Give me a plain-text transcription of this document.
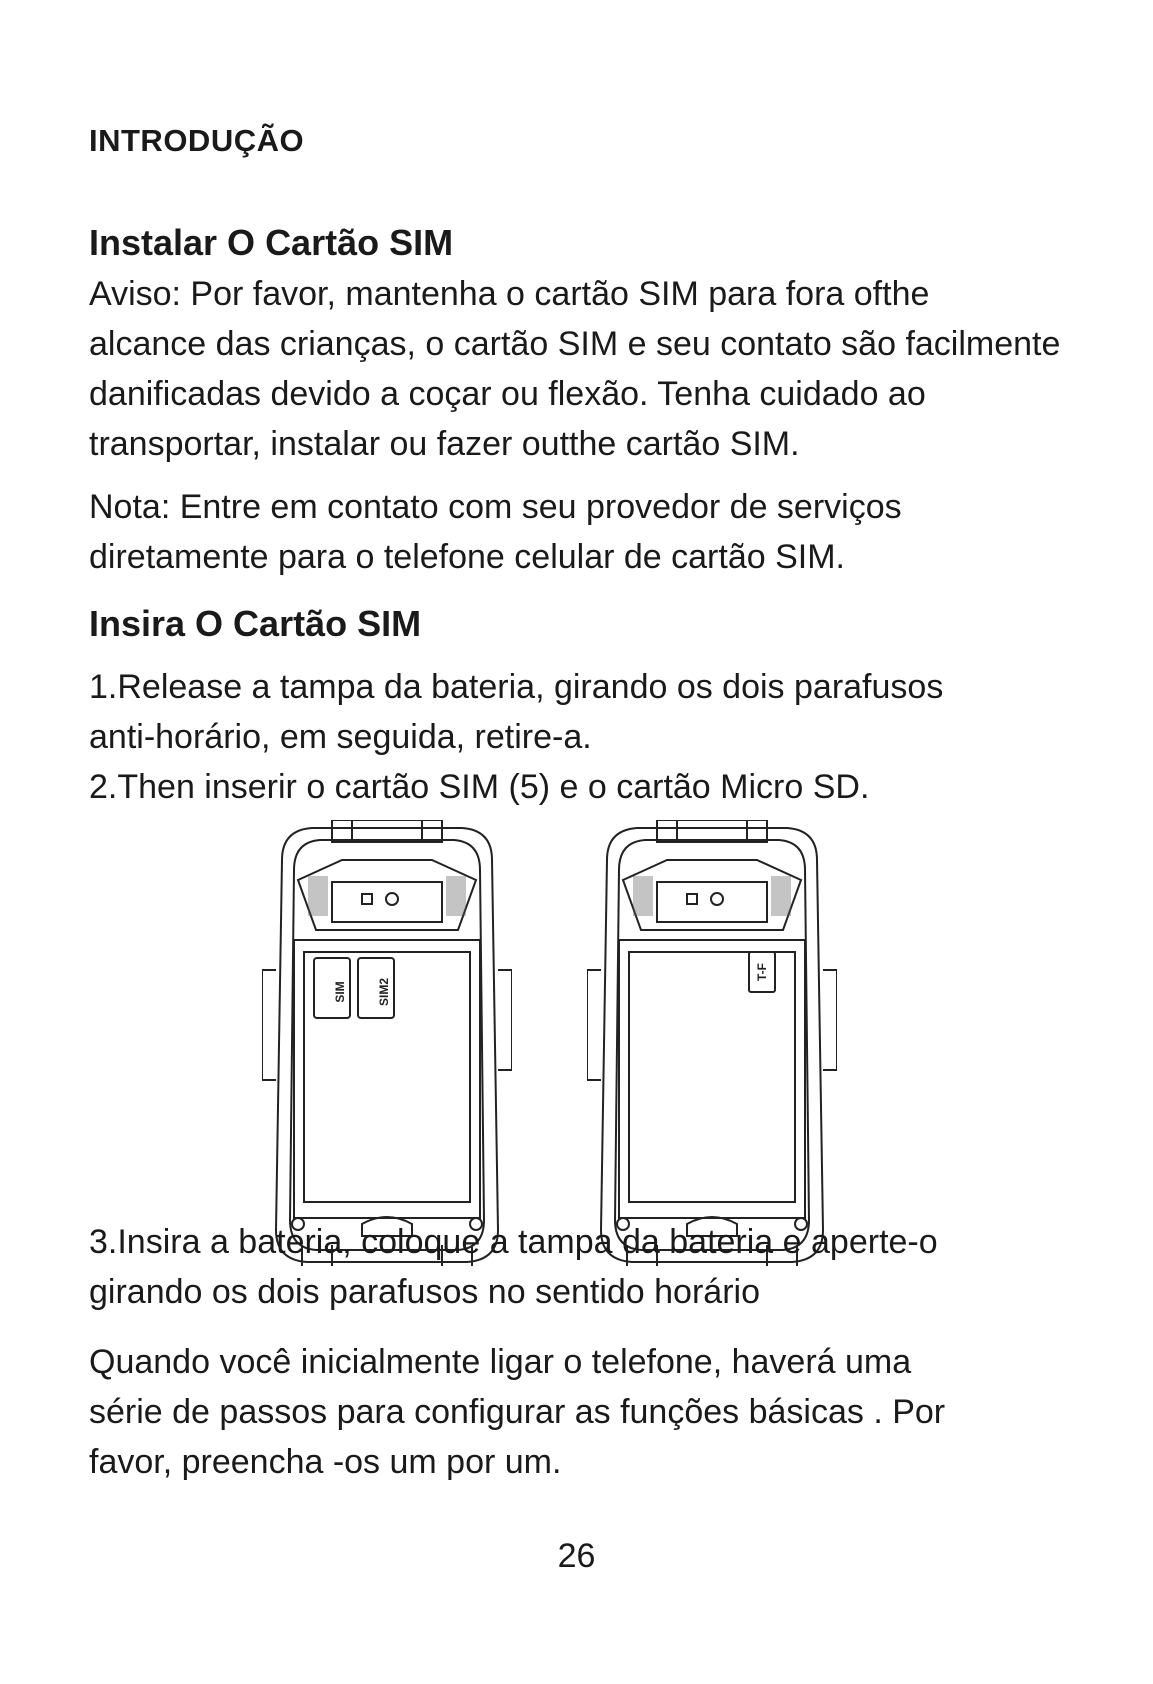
INTRODUÇÃO
Instalar O Cartão SIM
Aviso: Por favor, mantenha o cartão SIM para fora ofthe
alcance das crianças, o cartão SIM e seu contato são facilmente
danificadas devido a coçar ou flexão. Tenha cuidado ao
transportar, instalar ou fazer outthe cartão SIM.
Nota: Entre em contato com seu provedor de serviços
diretamente para o telefone celular de cartão SIM.
Insira O Cartão SIM
1.Release a tampa da bateria, girando os dois parafusos
anti-horário, em seguida, retire-a.
2.Then inserir o cartão SIM (5) e o cartão Micro SD.
SIM	SIM2
T-F
3.Insira a bateria, coloque a tampa da bateria e aperte-o
girando os dois parafusos no sentido horário
Quando você inicialmente ligar o telefone, haverá uma
série de passos para configurar as funções básicas . Por
favor, preencha -os um por um.
26
